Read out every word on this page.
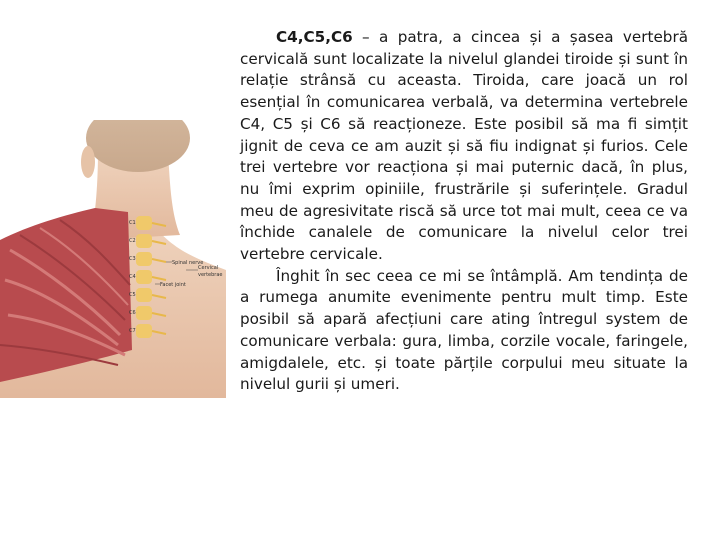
C1
C2
C3
C4
C5
C6
C7
Spinal nerve
Facet joint
Cervical
vertebrae

C4,C5,C6 – a patra, a cincea și a șasea vertebră cervicală sunt localizate la nivelul glandei tiroide și sunt în relație strânsă cu aceasta. Tiroida, care joacă un rol esențial în comunicarea verbală, va determina vertebrele C4, C5 și C6 să reacționeze. Este posibil să ma fi simțit jignit de ceva ce am auzit și să fiu indignat și furios. Cele trei vertebre vor reacționa și mai puternic dacă, în plus, nu îmi exprim opiniile, frustrările și suferințele. Gradul meu de agresivitate riscă să urce tot mai mult, ceea ce va închide canalele de comunicare la nivelul celor trei vertebre cervicale.

Înghit în sec ceea ce mi se întâmplă. Am tendința de a rumega anumite evenimente pentru mult timp. Este posibil să apară afecțiuni care ating întregul system de comunicare verbala: gura, limba, corzile vocale, faringele, amigdalele, etc. și toate părțile corpului meu situate la nivelul gurii și umeri.
